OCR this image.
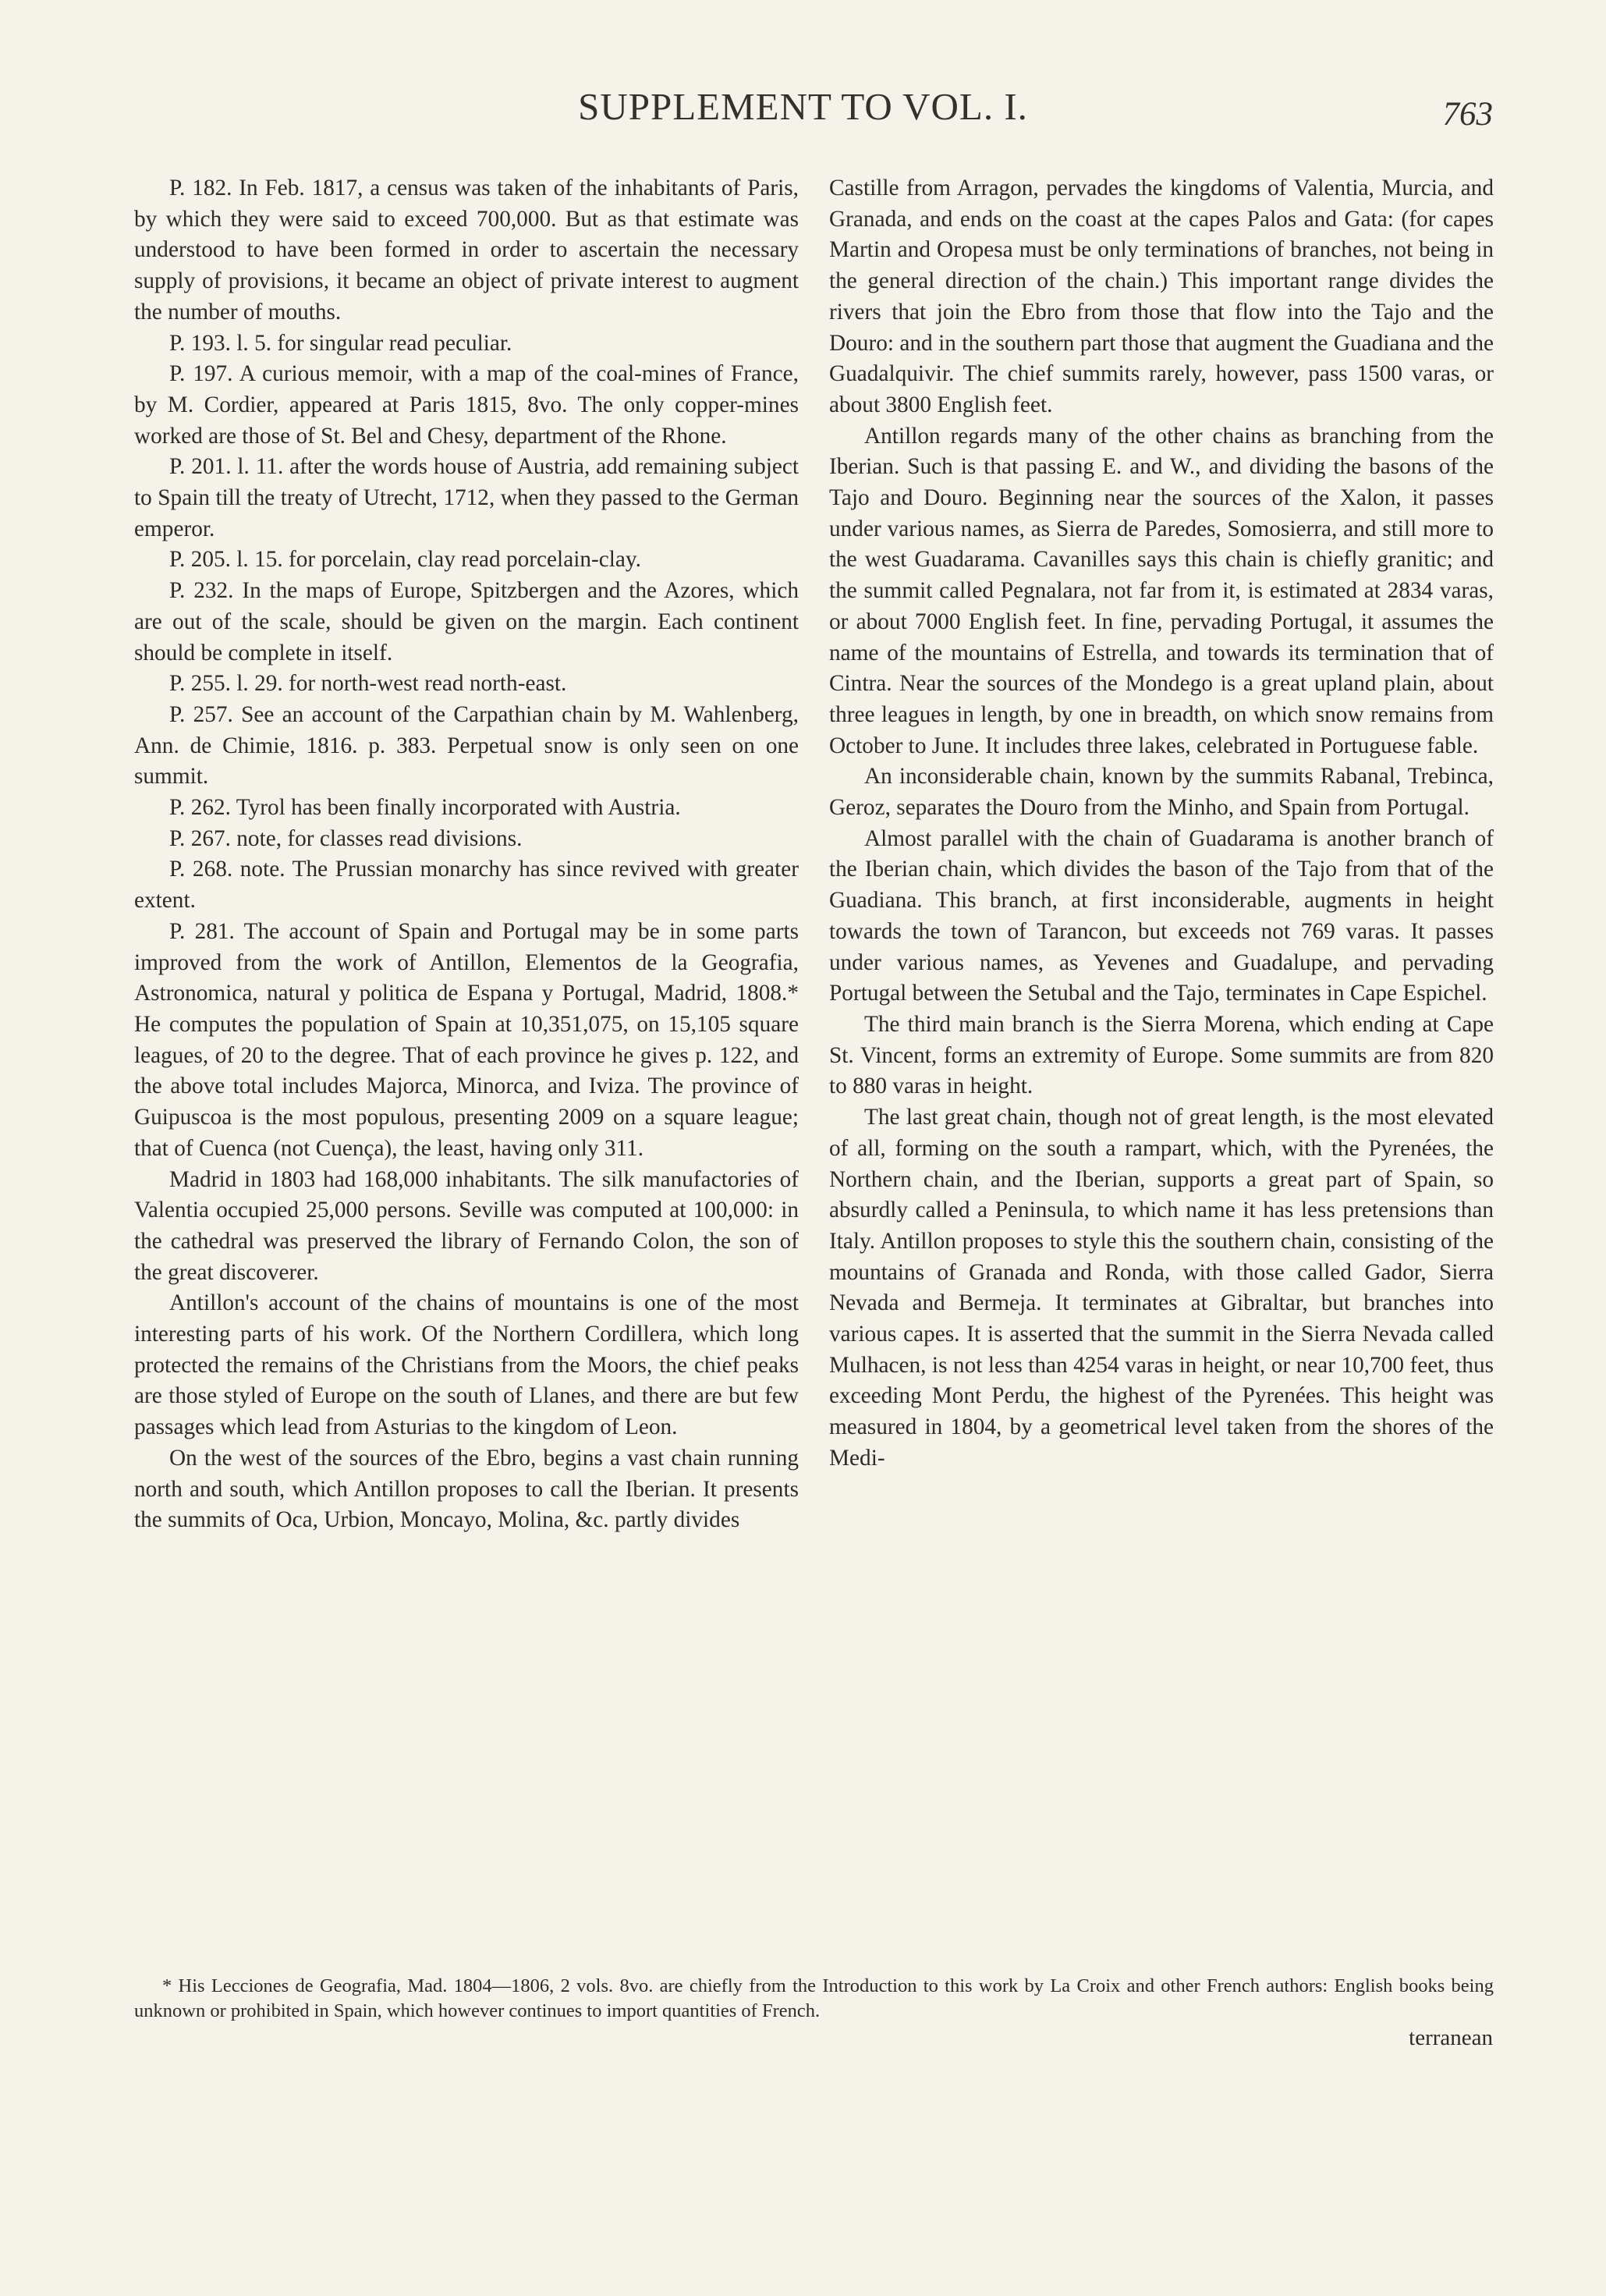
SUPPLEMENT TO VOL. I.	763

P. 182. In Feb. 1817, a census was taken of the inhabitants of Paris, by which they were said to exceed 700,000. But as that estimate was understood to have been formed in order to ascertain the necessary supply of provisions, it became an object of private interest to augment the number of mouths.

P. 193. l. 5. for singular read peculiar.

P. 197. A curious memoir, with a map of the coal-mines of France, by M. Cordier, appeared at Paris 1815, 8vo. The only copper-mines worked are those of St. Bel and Chesy, department of the Rhone.

P. 201. l. 11. after the words house of Austria, add remaining subject to Spain till the treaty of Utrecht, 1712, when they passed to the German emperor.

P. 205. l. 15. for porcelain, clay read porcelain-clay.

P. 232. In the maps of Europe, Spitzbergen and the Azores, which are out of the scale, should be given on the margin. Each continent should be complete in itself.

P. 255. l. 29. for north-west read north-east.

P. 257. See an account of the Carpathian chain by M. Wahlenberg, Ann. de Chimie, 1816. p. 383. Perpetual snow is only seen on one summit.

P. 262. Tyrol has been finally incorporated with Austria.

P. 267. note, for classes read divisions.

P. 268. note. The Prussian monarchy has since revived with greater extent.

P. 281. The account of Spain and Portugal may be in some parts improved from the work of Antillon, Elementos de la Geografia, Astronomica, natural y politica de Espana y Portugal, Madrid, 1808.* He computes the population of Spain at 10,351,075, on 15,105 square leagues, of 20 to the degree. That of each province he gives p. 122, and the above total includes Majorca, Minorca, and Iviza. The province of Guipuscoa is the most populous, presenting 2009 on a square league; that of Cuenca (not Cuença), the least, having only 311.

Madrid in 1803 had 168,000 inhabitants. The silk manufactories of Valentia occupied 25,000 persons. Seville was computed at 100,000: in the cathedral was preserved the library of Fernando Colon, the son of the great discoverer.

Antillon's account of the chains of mountains is one of the most interesting parts of his work. Of the Northern Cordillera, which long protected the remains of the Christians from the Moors, the chief peaks are those styled of Europe on the south of Llanes, and there are but few passages which lead from Asturias to the kingdom of Leon.

On the west of the sources of the Ebro, begins a vast chain running north and south, which Antillon proposes to call the Iberian. It presents the summits of Oca, Urbion, Moncayo, Molina, &c. partly divides

Castille from Arragon, pervades the kingdoms of Valentia, Murcia, and Granada, and ends on the coast at the capes Palos and Gata: (for capes Martin and Oropesa must be only terminations of branches, not being in the general direction of the chain.) This important range divides the rivers that join the Ebro from those that flow into the Tajo and the Douro: and in the southern part those that augment the Guadiana and the Guadalquivir. The chief summits rarely, however, pass 1500 varas, or about 3800 English feet.

Antillon regards many of the other chains as branching from the Iberian. Such is that passing E. and W., and dividing the basons of the Tajo and Douro. Beginning near the sources of the Xalon, it passes under various names, as Sierra de Paredes, Somosierra, and still more to the west Guadarama. Cavanilles says this chain is chiefly granitic; and the summit called Pegnalara, not far from it, is estimated at 2834 varas, or about 7000 English feet. In fine, pervading Portugal, it assumes the name of the mountains of Estrella, and towards its termination that of Cintra. Near the sources of the Mondego is a great upland plain, about three leagues in length, by one in breadth, on which snow remains from October to June. It includes three lakes, celebrated in Portuguese fable.

An inconsiderable chain, known by the summits Rabanal, Trebinca, Geroz, separates the Douro from the Minho, and Spain from Portugal.

Almost parallel with the chain of Guadarama is another branch of the Iberian chain, which divides the bason of the Tajo from that of the Guadiana. This branch, at first inconsiderable, augments in height towards the town of Tarancon, but exceeds not 769 varas. It passes under various names, as Yevenes and Guadalupe, and pervading Portugal between the Setubal and the Tajo, terminates in Cape Espichel.

The third main branch is the Sierra Morena, which ending at Cape St. Vincent, forms an extremity of Europe. Some summits are from 820 to 880 varas in height.

The last great chain, though not of great length, is the most elevated of all, forming on the south a rampart, which, with the Pyrenées, the Northern chain, and the Iberian, supports a great part of Spain, so absurdly called a Peninsula, to which name it has less pretensions than Italy. Antillon proposes to style this the southern chain, consisting of the mountains of Granada and Ronda, with those called Gador, Sierra Nevada and Bermeja. It terminates at Gibraltar, but branches into various capes. It is asserted that the summit in the Sierra Nevada called Mulhacen, is not less than 4254 varas in height, or near 10,700 feet, thus exceeding Mont Perdu, the highest of the Pyrenées. This height was measured in 1804, by a geometrical level taken from the shores of the Medi-

* His Lecciones de Geografia, Mad. 1804—1806, 2 vols. 8vo. are chiefly from the Introduction to this work by La Croix and other French authors: English books being unknown or prohibited in Spain, which however continues to import quantities of French.

terranean
